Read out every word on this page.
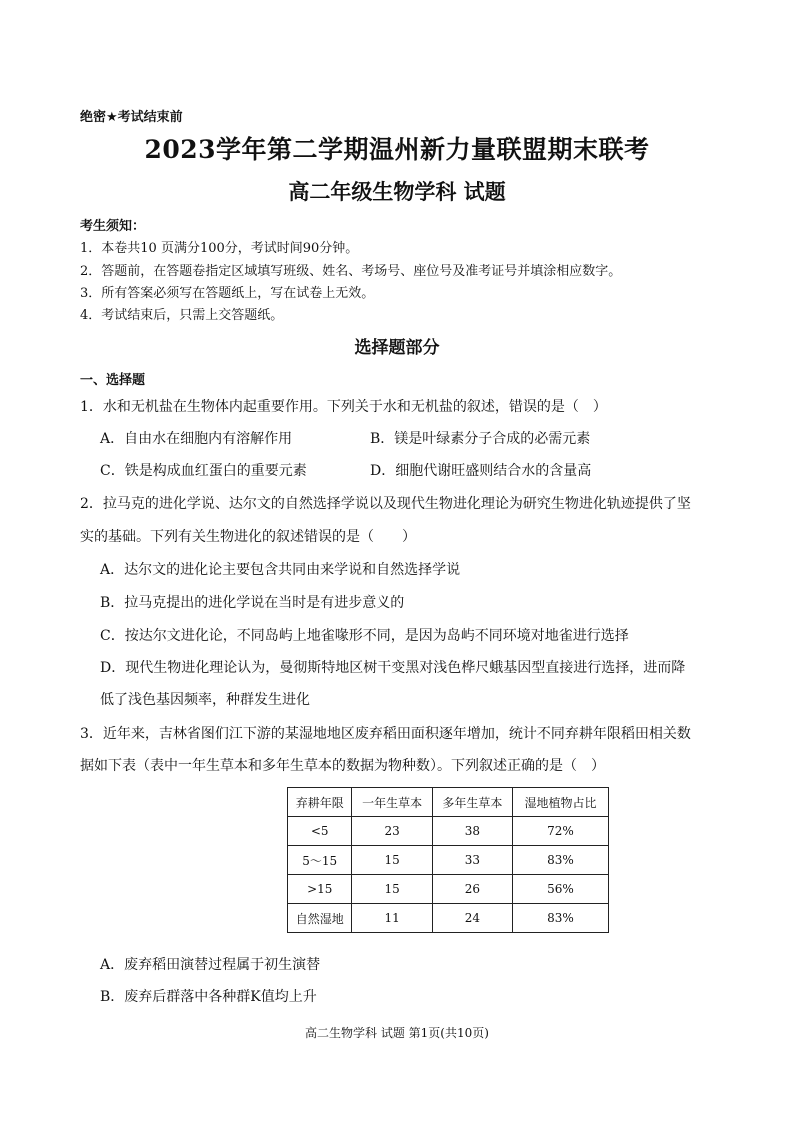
绝密★考试结束前
2023学年第二学期温州新力量联盟期末联考
高二年级生物学科 试题
考生须知：
1．本卷共10 页满分100分，考试时间90分钟。
2．答题前，在答题卷指定区域填写班级、姓名、考场号、座位号及准考证号并填涂相应数字。
3．所有答案必须写在答题纸上，写在试卷上无效。
4．考试结束后，只需上交答题纸。
选择题部分
一、选择题
1．水和无机盐在生物体内起重要作用。下列关于水和无机盐的叙述，错误的是（　）
A．自由水在细胞内有溶解作用	B．镁是叶绿素分子合成的必需元素
C．铁是构成血红蛋白的重要元素	D．细胞代谢旺盛则结合水的含量高
2．拉马克的进化学说、达尔文的自然选择学说以及现代生物进化理论为研究生物进化轨迹提供了坚
实的基础。下列有关生物进化的叙述错误的是（　　）
A．达尔文的进化论主要包含共同由来学说和自然选择学说
B．拉马克提出的进化学说在当时是有进步意义的
C．按达尔文进化论，不同岛屿上地雀喙形不同，是因为岛屿不同环境对地雀进行选择
D．现代生物进化理论认为，曼彻斯特地区树干变黑对浅色桦尺蛾基因型直接进行选择，进而降
低了浅色基因频率，种群发生进化
3．近年来，吉林省图们江下游的某湿地地区废弃稻田面积逐年增加，统计不同弃耕年限稻田相关数
据如下表（表中一年生草本和多年生草本的数据为物种数）。下列叙述正确的是（　）
弃耕年限	一年生草本	多年生草本	湿地植物占比
<5	23	38	72%
5～15	15	33	83%
>15	15	26	56%
自然湿地	11	24	83%
A．废弃稻田演替过程属于初生演替
B．废弃后群落中各种群K值均上升
高二生物学科 试题 第1页(共10页)
